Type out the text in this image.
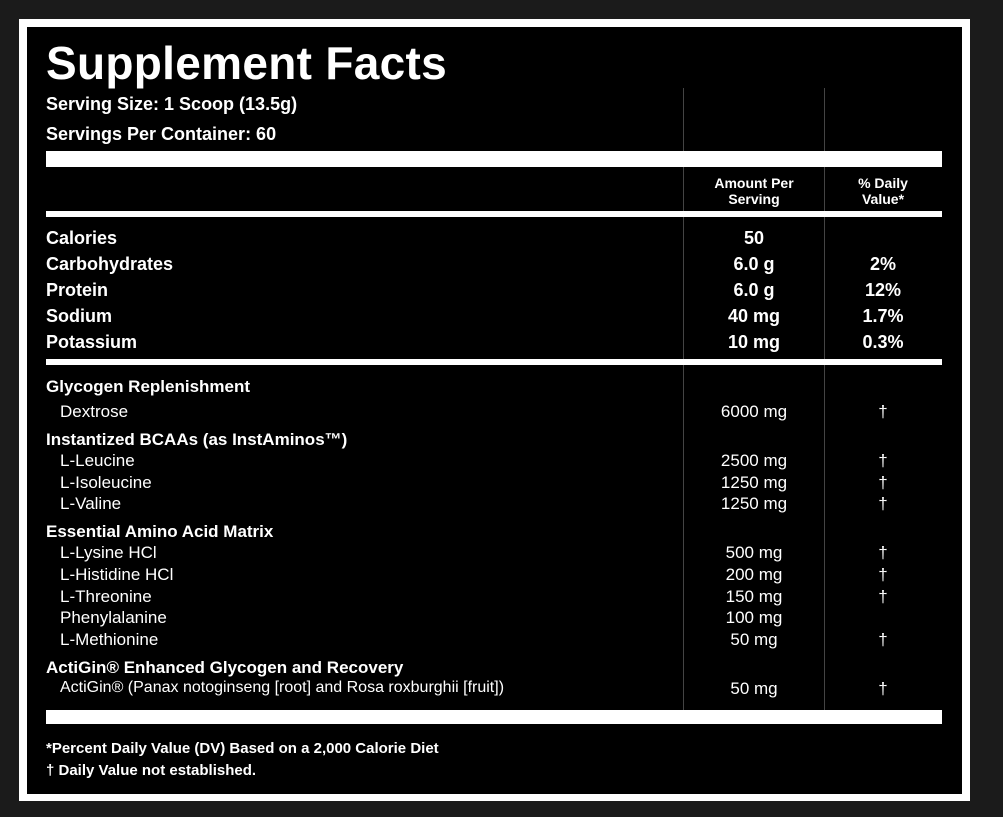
Supplement Facts
Serving Size: 1 Scoop (13.5g)
Servings Per Container: 60
Amount Per
Serving
% Daily
Value*
Calories	50
Carbohydrates	6.0 g	2%
Protein	6.0 g	12%
Sodium	40 mg	1.7%
Potassium	10 mg	0.3%
Glycogen Replenishment
Dextrose	6000 mg	†
Instantized BCAAs (as InstAminos™)
L-Leucine	2500 mg	†
L-Isoleucine	1250 mg	†
L-Valine	1250 mg	†
Essential Amino Acid Matrix
L-Lysine HCl	500 mg	†
L-Histidine HCl	200 mg	†
L-Threonine	150 mg	†
Phenylalanine	100 mg
L-Methionine	50 mg	†
ActiGin® Enhanced Glycogen and Recovery
ActiGin® (Panax notoginseng [root] and Rosa roxburghii [fruit])	50 mg	†
*Percent Daily Value (DV) Based on a 2,000 Calorie Diet
† Daily Value not established.
